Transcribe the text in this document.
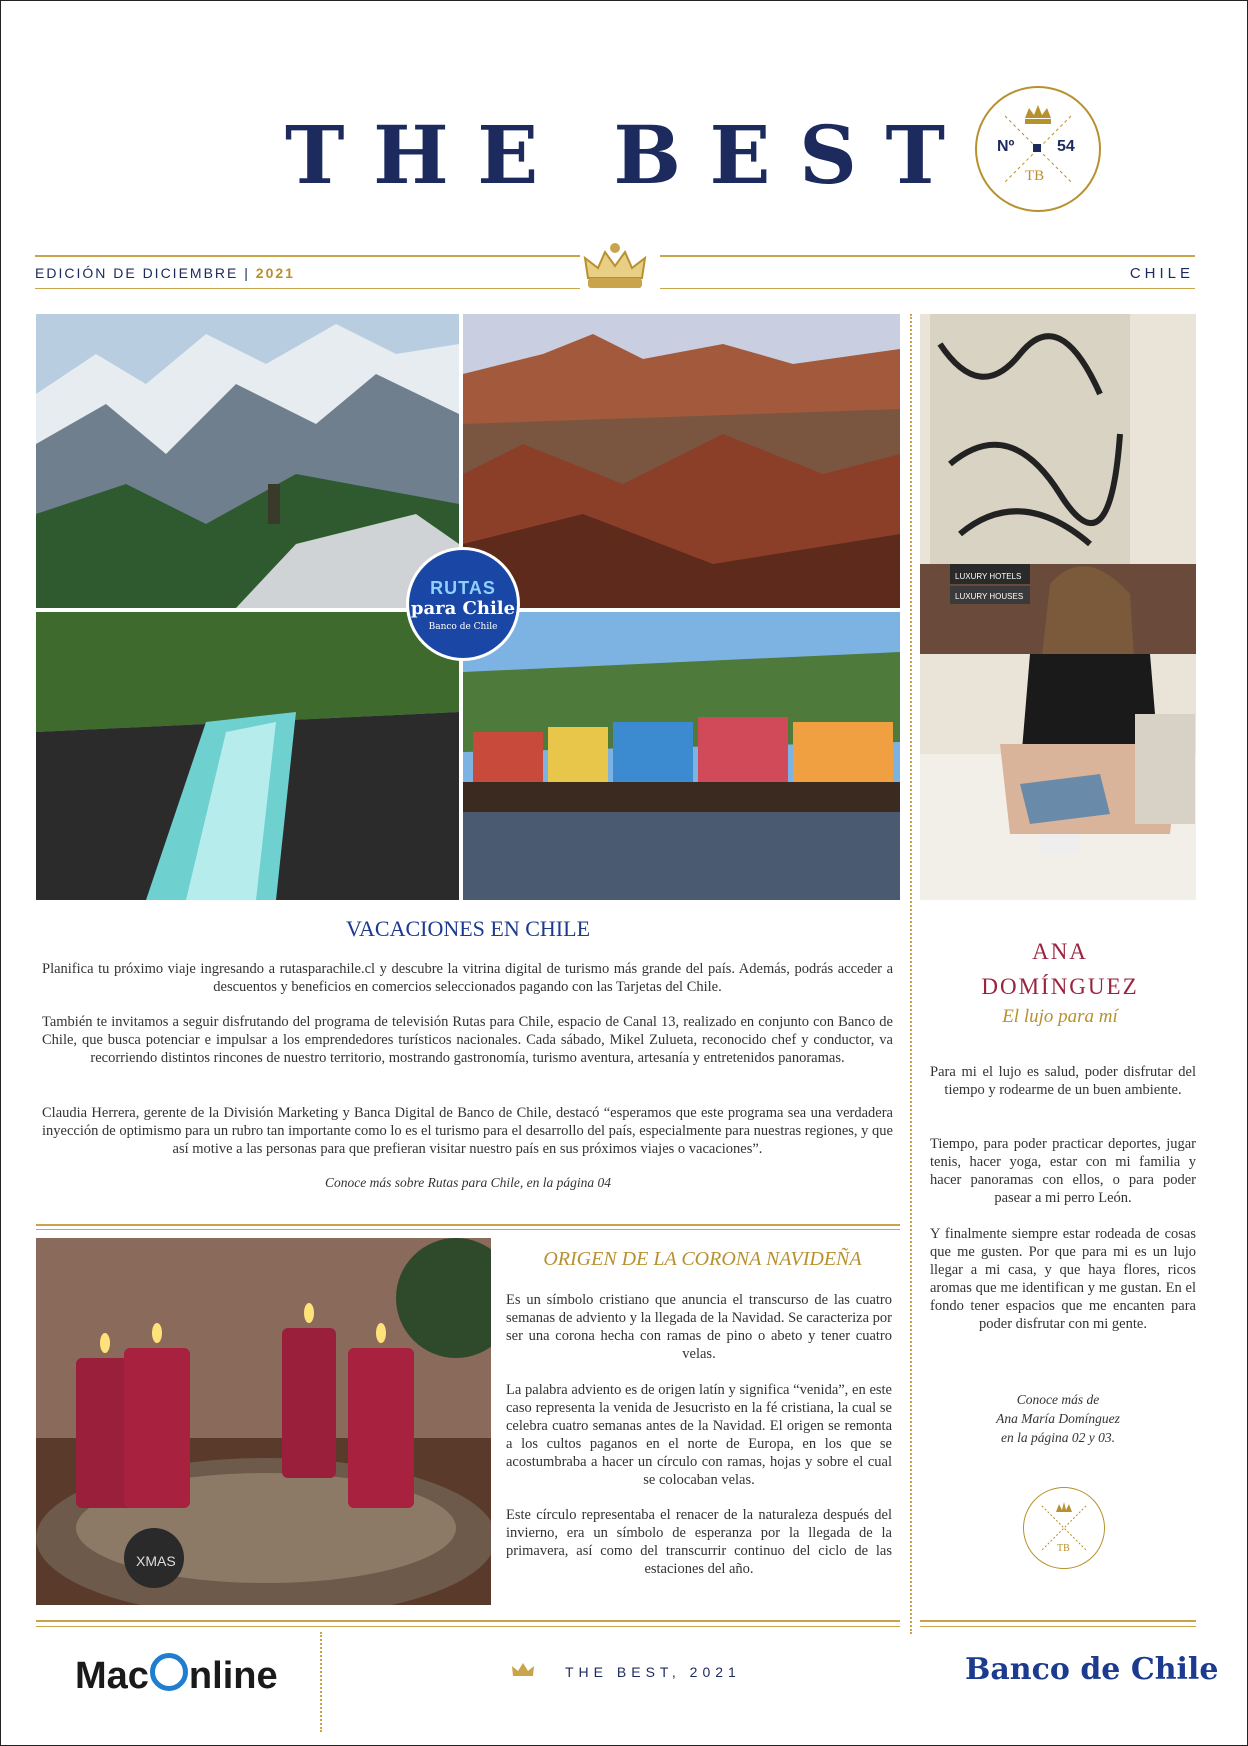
T H E B E S T	Nº	54
TB
EDICIÓN DE DICIEMBRE | 2021	CHILE
RUTAS
para Chile
Banco de Chile
LUXURY HOTELS
LUXURY HOUSES
VACACIONES EN CHILE
Planifica tu próximo viaje ingresando a rutasparachile.cl y descubre la vitrina digital de turismo más grande del país. Además, podrás acceder a descuentos y beneficios en comercios seleccionados pagando con las Tarjetas del Chile.
También te invitamos a seguir disfrutando del programa de televisión Rutas para Chile, espacio de Canal 13, realizado en conjunto con Banco de Chile, que busca potenciar e impulsar a los emprendedores turísticos nacionales. Cada sábado, Mikel Zulueta, reconocido chef y conductor, va recorriendo distintos rincones de nuestro territorio, mostrando gastronomía, turismo aventura, artesanía y entretenidos panoramas.
Claudia Herrera, gerente de la División Marketing y Banca Digital de Banco de Chile, destacó “esperamos que este programa sea una verdadera inyección de optimismo para un rubro tan importante como lo es el turismo para el desarrollo del país, especialmente para nuestras regiones, y que así motive a las personas para que prefieran visitar nuestro país en sus próximos viajes o vacaciones”.
Conoce más sobre Rutas para Chile, en la página 04
XMAS
ORIGEN DE LA CORONA NAVIDEÑA
Es un símbolo cristiano que anuncia el transcurso de las cuatro semanas de adviento y la llegada de la Navidad. Se caracteriza por ser una corona hecha con ramas de pino o abeto y tener cuatro velas.
La palabra adviento es de origen latín y significa “venida”, en este caso representa la venida de Jesucristo en la fé cristiana, la cual se celebra cuatro semanas antes de la Navidad. El origen se remonta a los cultos paganos en el norte de Europa, en los que se acostumbraba a hacer un círculo con ramas, hojas y sobre el cual se colocaban velas.
Este círculo representaba el renacer de la naturaleza después del invierno, era un símbolo de esperanza por la llegada de la primavera, así como del transcurrir continuo del ciclo de las estaciones del año.
ANA
DOMÍNGUEZ
El lujo para mí
Para mi el lujo es salud, poder disfrutar del tiempo y rodearme de un buen ambiente.
Tiempo, para poder practicar deportes, jugar tenis, hacer yoga, estar con mi familia y hacer panoramas con ellos, o para poder pasear a mi perro León.
Y finalmente siempre estar rodeada de cosas que me gusten. Por que para mi es un lujo llegar a mi casa, y que haya flores, ricos aromas que me identifican y me gustan. En el fondo tener espacios que me encanten para poder disfrutar con mi gente.
Conoce más de
Ana María Domínguez
en la página 02 y 03.
TB
Mac nline	THE BEST, 2021	Banco de Chile
